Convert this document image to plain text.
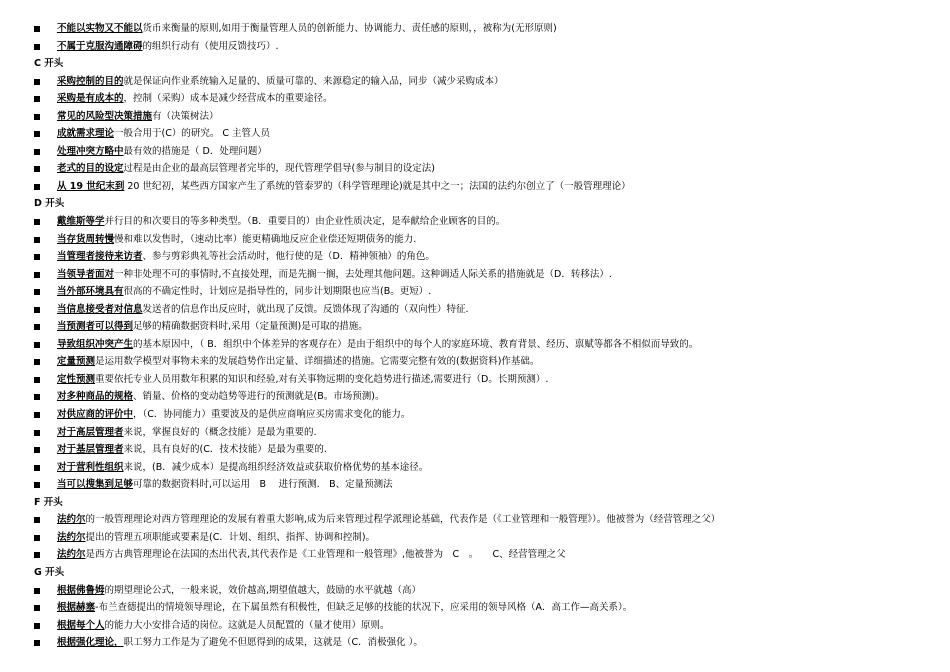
不能以实物又不能以货币来衡量的原则,如用于衡量管理人员的创新能力、协调能力、责任感的原则，，被称为(无形原则)
不属于克服沟通障碍的组织行动有（使用反馈技巧）.
C 开头
采购控制的目的就是保证向作业系统输入足量的、质量可靠的、来源稳定的输入品，同步（减少采购成本）
采购是有成本的，控制（采购）成本是减少经营成本的重要途径。
常见的风险型决策措施有（决策树法）
成就需求理论一般合用于(C）的研究。 C 主管人员
处理冲突方略中最有效的措施是（ D．处理问题）
老式的目的设定过程是由企业的最高层管理者完毕的，现代管理学倡导(参与制目的设定法)
从 19 世纪末到 20 世纪初，某些西方国家产生了系统的管泰罗的（科学管理理论)就是其中之一；法国的法约尔创立了（一般管理理论）
D 开头
戴维斯等学并行目的和次要目的等多种类型。（B．重要目的）由企业性质决定，是奉献给企业顾客的目的。
当存货周转慢慢和难以发售时，（速动比率）能更精确地反应企业偿还短期债务的能力.
当管理者接待来访者、参与剪彩典礼等社会活动时，他行使的是（D．精神领袖）的角色。
当领导者面对一种非处理不可的事情时,不直接处理，而是先搁一搁，去处理其他问题。这种调适人际关系的措施就是（D．转移法）.
当外部环境具有很高的不确定性时，计划应是指导性的，同步计划期限也应当(B。更短）.
当信息接受者对信息发送者的信息作出反应时，就出现了反馈。反馈体现了沟通的（双向性）特征.
当预测者可以得到足够的精确数据资料时,采用（定量预测)是可取的措施。
导致组织冲突产生的基本原因中，（ B．组织中个体差异的客观存在）是由于组织中的每个人的家庭环境、教育背景、经历、禀赋等都各不相似而导致的。
定量预测是运用数学模型对事物未来的发展趋势作出定量、详细描述的措施。它需要完整有效的(数据资料)作基础。
定性预测重要依托专业人员用数年积累的知识和经验,对有关事物远期的变化趋势进行描述,需要进行（D。长期预测）.
对多种商品的规格、销量、价格的变动趋势等进行的预测就是(B。市场预测)。
对供应商的评价中，（C．协同能力）重要波及的是供应商响应买房需求变化的能力。
对于高层管理者来说，掌握良好的（概念技能）是最为重要的.
对于基层管理者来说，具有良好的(C．技术技能）是最为重要的.
对于营利性组织来说，(B．减少成本）是提高组织经济效益或获取价格优势的基本途径。
当可以搜集到足够可靠的数据资料时,可以运用　B　 进行预测.　B、定量预测法
F 开头
法约尔的一般管理理论对西方管理理论的发展有着重大影响,成为后来管理过程学派理论基础，代表作是（《工业管理和一般管理》）。他被誉为（经营管理之父）
法约尔提出的管理五项职能或要素是(C．计划、组织、指挥、协调和控制)。
法约尔是西方古典管理理论在法国的杰出代表,其代表作是《工业管理和一般管理》,他被誉为　C　。　　C、经营管理之父
G 开头
根据佛鲁姆的期望理论公式，一般来说，效价越高,期望值越大，鼓励的水平就越（高）
根据赫塞-布兰查德提出的情境领导理论，在下属虽然有积极性，但缺乏足够的技能的状况下，应采用的领导风格（A．高工作—高关系）。
根据每个人的能力大小安排合适的岗位。这就是人员配置的（量才使用）原则。
根据强化理论，职工努力工作是为了避免不但愿得到的成果，这就是（C．消极强化 ）。
